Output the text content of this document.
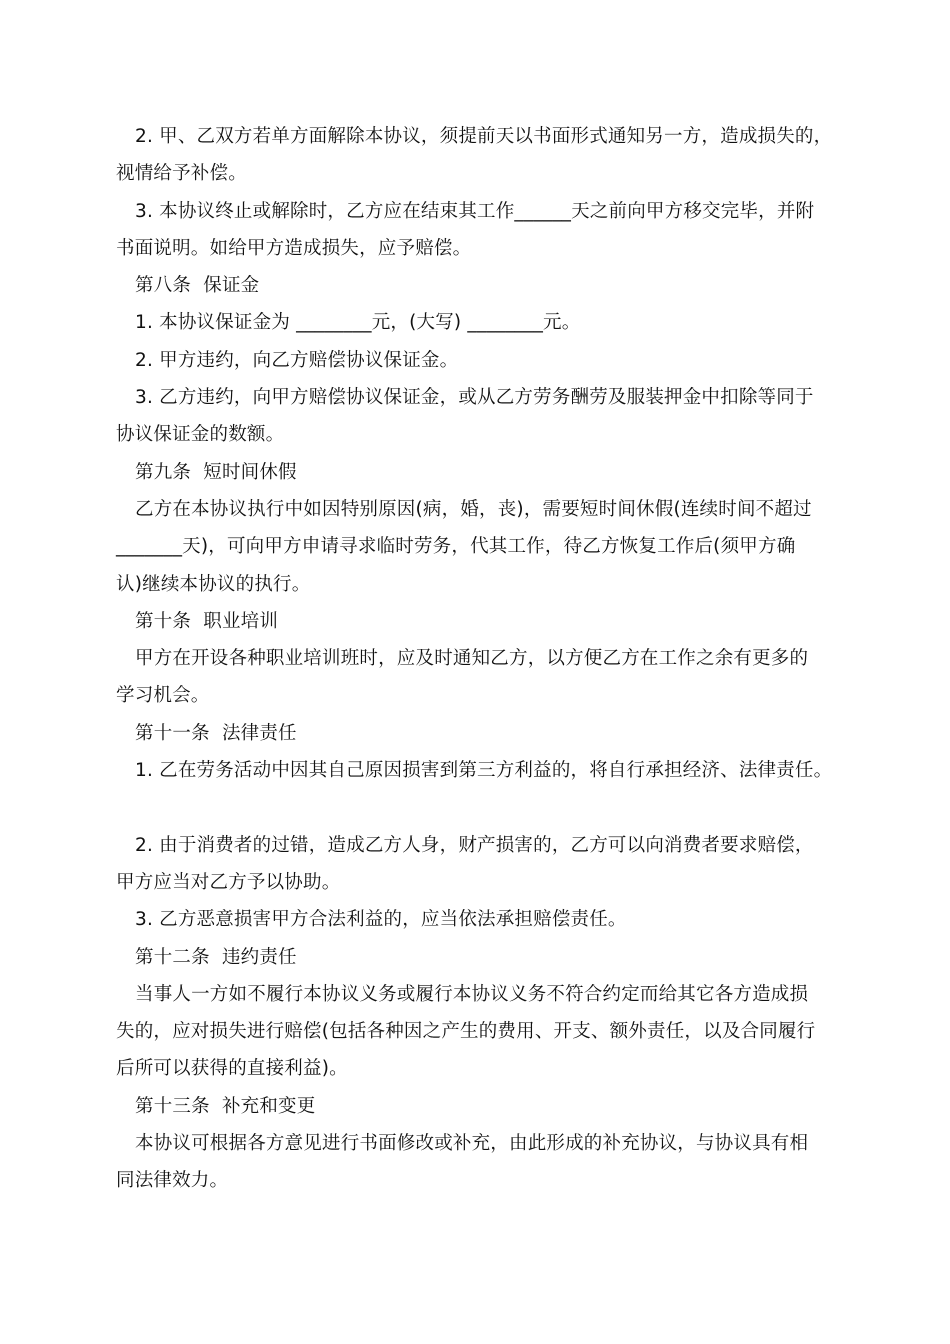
2. 甲、乙双方若单方面解除本协议，须提前天以书面形式通知另一方，造成损失的，
视情给予补偿。
3. 本协议终止或解除时，乙方应在结束其工作______天之前向甲方移交完毕，并附
书面说明。如给甲方造成损失，应予赔偿。
第八条  保证金
1. 本协议保证金为 ________元，(大写) ________元。
2. 甲方违约，向乙方赔偿协议保证金。
3. 乙方违约，向甲方赔偿协议保证金，或从乙方劳务酬劳及服装押金中扣除等同于
协议保证金的数额。
第九条  短时间休假
乙方在本协议执行中如因特别原因(病，婚，丧)，需要短时间休假(连续时间不超过
_______天)，可向甲方申请寻求临时劳务，代其工作，待乙方恢复工作后(须甲方确
认)继续本协议的执行。
第十条  职业培训
甲方在开设各种职业培训班时，应及时通知乙方，以方便乙方在工作之余有更多的
学习机会。
第十一条  法律责任
1. 乙在劳务活动中因其自己原因损害到第三方利益的，将自行承担经济、法律责任。
2. 由于消费者的过错，造成乙方人身，财产损害的，乙方可以向消费者要求赔偿，
甲方应当对乙方予以协助。
3. 乙方恶意损害甲方合法利益的，应当依法承担赔偿责任。
第十二条  违约责任
当事人一方如不履行本协议义务或履行本协议义务不符合约定而给其它各方造成损
失的，应对损失进行赔偿(包括各种因之产生的费用、开支、额外责任，以及合同履行
后所可以获得的直接利益)。
第十三条  补充和变更
本协议可根据各方意见进行书面修改或补充，由此形成的补充协议，与协议具有相
同法律效力。
